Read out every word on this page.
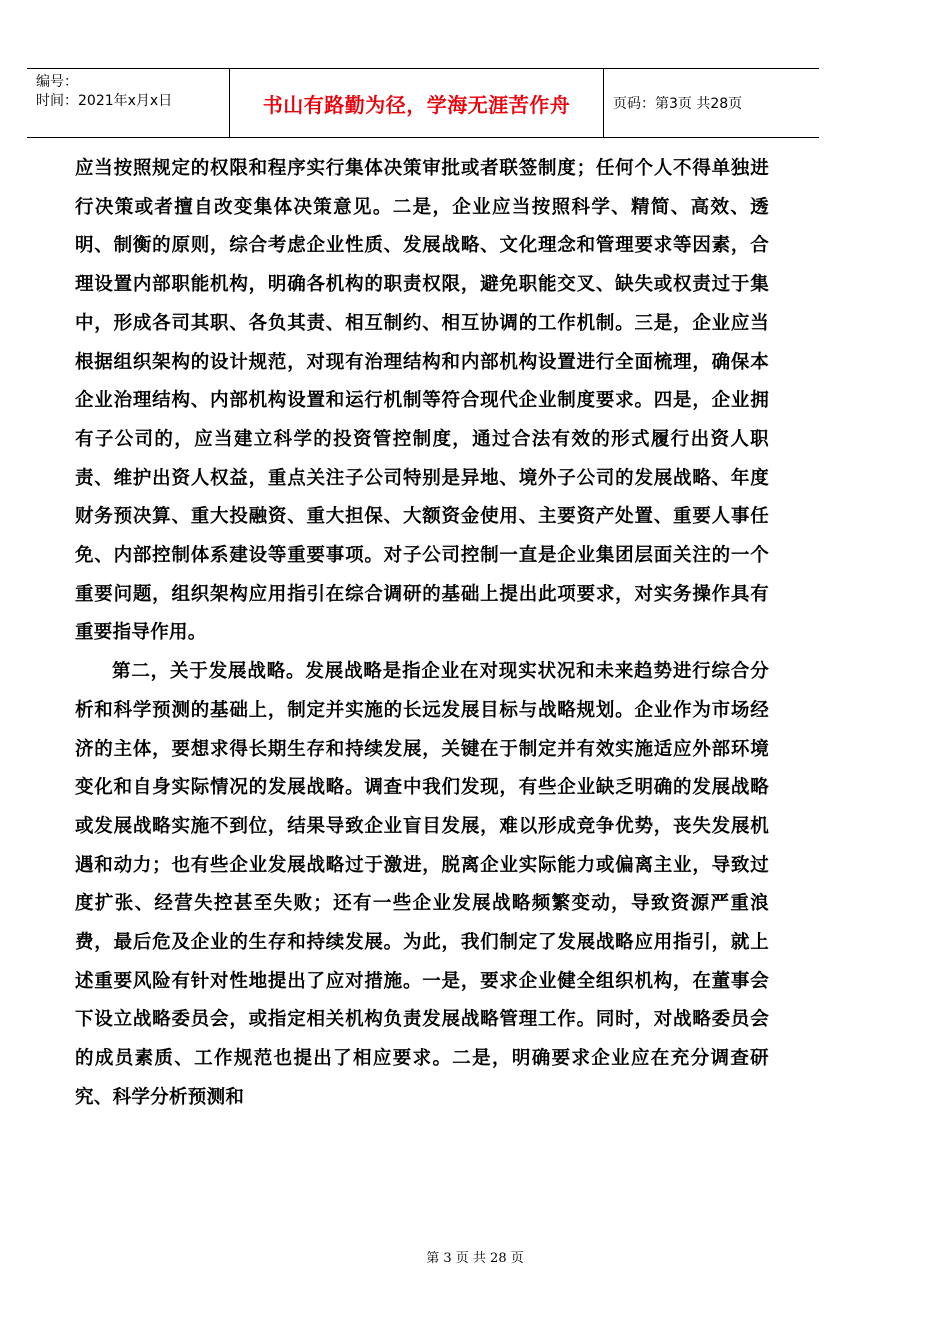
编号：
时间：2021年x月x日	书山有路勤为径，学海无涯苦作舟	页码：第3页 共28页

应当按照规定的权限和程序实行集体决策审批或者联签制度；任何个人不得单独进行决策或者擅自改变集体决策意见。二是，企业应当按照科学、精简、高效、透明、制衡的原则，综合考虑企业性质、发展战略、文化理念和管理要求等因素，合理设置内部职能机构，明确各机构的职责权限，避免职能交叉、缺失或权责过于集中，形成各司其职、各负其责、相互制约、相互协调的工作机制。三是，企业应当根据组织架构的设计规范，对现有治理结构和内部机构设置进行全面梳理，确保本企业治理结构、内部机构设置和运行机制等符合现代企业制度要求。四是，企业拥有子公司的，应当建立科学的投资管控制度，通过合法有效的形式履行出资人职责、维护出资人权益，重点关注子公司特别是异地、境外子公司的发展战略、年度财务预决算、重大投融资、重大担保、大额资金使用、主要资产处置、重要人事任免、内部控制体系建设等重要事项。对子公司控制一直是企业集团层面关注的一个重要问题，组织架构应用指引在综合调研的基础上提出此项要求，对实务操作具有重要指导作用。

第二，关于发展战略。发展战略是指企业在对现实状况和未来趋势进行综合分析和科学预测的基础上，制定并实施的长远发展目标与战略规划。企业作为市场经济的主体，要想求得长期生存和持续发展，关键在于制定并有效实施适应外部环境变化和自身实际情况的发展战略。调查中我们发现，有些企业缺乏明确的发展战略或发展战略实施不到位，结果导致企业盲目发展，难以形成竞争优势，丧失发展机遇和动力；也有些企业发展战略过于激进，脱离企业实际能力或偏离主业，导致过度扩张、经营失控甚至失败；还有一些企业发展战略频繁变动，导致资源严重浪费，最后危及企业的生存和持续发展。为此，我们制定了发展战略应用指引，就上述重要风险有针对性地提出了应对措施。一是，要求企业健全组织机构，在董事会下设立战略委员会，或指定相关机构负责发展战略管理工作。同时，对战略委员会的成员素质、工作规范也提出了相应要求。二是，明确要求企业应在充分调查研究、科学分析预测和

第 3 页 共 28 页
